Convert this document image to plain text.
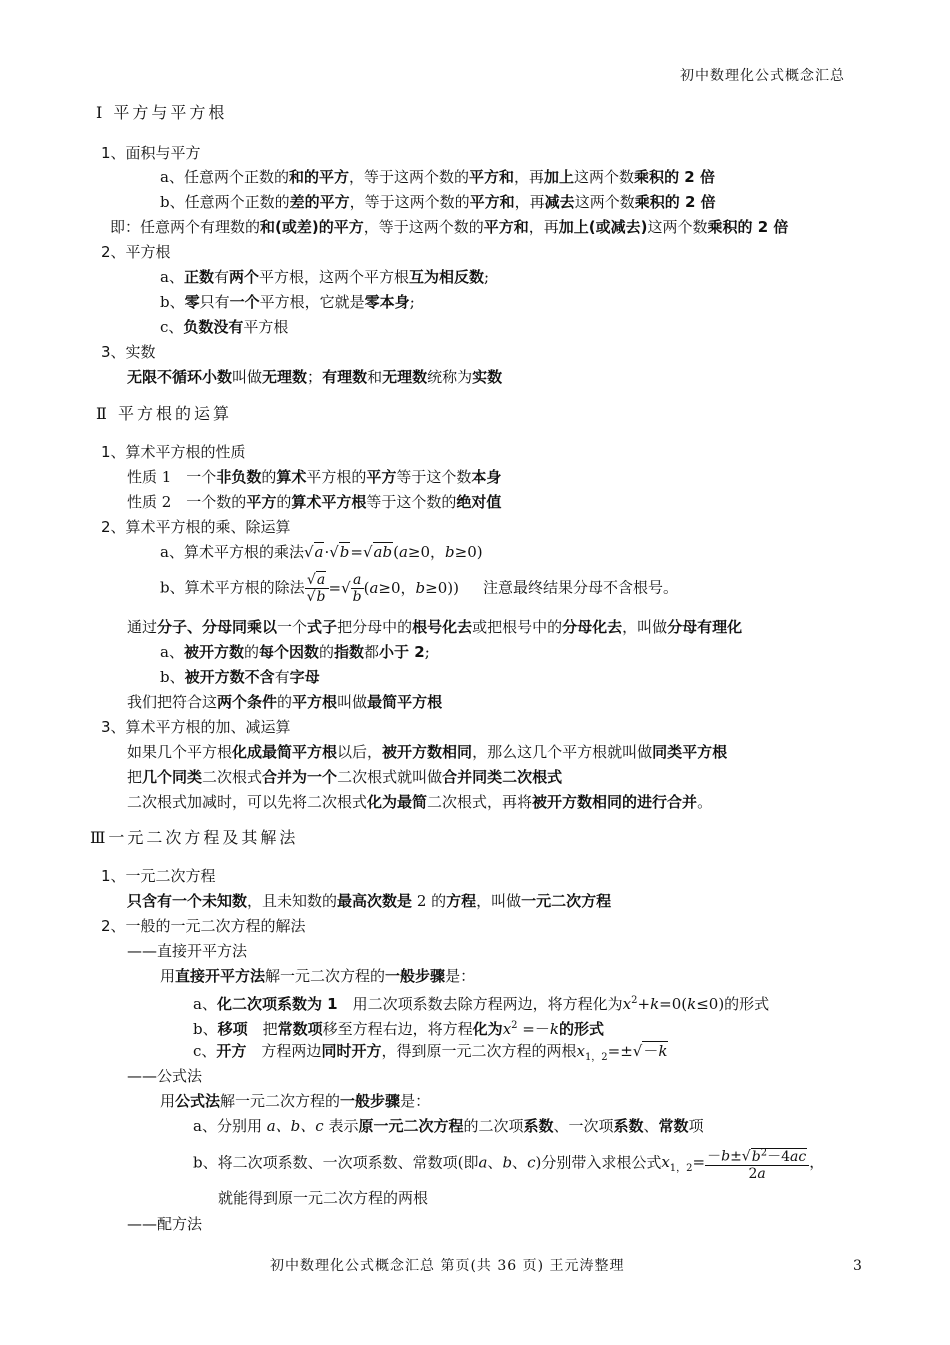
初中数理化公式概念汇总
Ⅰ 平方与平方根
1、面积与平方
a、任意两个正数的和的平方，等于这两个数的平方和，再加上这两个数乘积的 2 倍
b、任意两个正数的差的平方，等于这两个数的平方和，再减去这两个数乘积的 2 倍
即：任意两个有理数的和(或差)的平方，等于这两个数的平方和，再加上(或减去)这两个数乘积的 2 倍
2、平方根
a、正数有两个平方根，这两个平方根互为相反数;
b、零只有一个平方根，它就是零本身;
c、负数没有平方根
3、实数
无限不循环小数叫做无理数；有理数和无理数统称为实数
Ⅱ 平方根的运算
1、算术平方根的性质
性质 1　一个非负数的算术平方根的平方等于这个数本身
性质 2　一个数的平方的算术平方根等于这个数的绝对值
2、算术平方根的乘、除运算
a、算术平方根的乘法√a·√b=√ab(a≥0，b≥0)
b、算术平方根的除法 $\frac{√a}{√b}$ =√ $\frac{a}{b} (a\ge 0$，b≥0)) 注意最终结果分母不含根号。
通过分子、分母同乘以一个式子把分母中的根号化去或把根号中的分母化去，叫做分母有理化
a、被开方数的每个因数的指数都小于 2;
b、被开方数不含有字母
我们把符合这两个条件的平方根叫做最简平方根
3、算术平方根的加、减运算
如果几个平方根化成最简平方根以后，被开方数相同，那么这几个平方根就叫做同类平方根
把几个同类二次根式合并为一个二次根式就叫做合并同类二次根式
二次根式加减时，可以先将二次根式化为最简二次根式，再将被开方数相同的进行合并。
Ⅲ一元二次方程及其解法
1、一元二次方程
只含有一个未知数，且未知数的最高次数是 2 的方程，叫做一元二次方程
2、一般的一元二次方程的解法
——直接开平方法
用直接开平方法解一元二次方程的一般步骤是：
a、化二次项系数为 1　用二次项系数去除方程两边，将方程化为$x^2+k=0(k\le 0)$的形式
b、移项　把常数项移至方程右边，将方程化为$x^2 =-k$的形式
c、开方　方程两边同时开方，得到原一元二次方程的两根$x_{1,2}=\pm√-k$
——公式法
用公式法解一元二次方程的一般步骤是：
a、分别用 a、b、c 表示原一元二次方程的二次项系数、一次项系数、常数项
b、将二次项系数、一次项系数、常数项(即a、b、c)分别带入求根公式$x_{1,2}= \frac{-b\pm√b^2-4ac}{2a}$ ，
就能得到原一元二次方程的两根
——配方法
初中数理化公式概念汇总 第页(共 36 页) 王元涛整理	3
